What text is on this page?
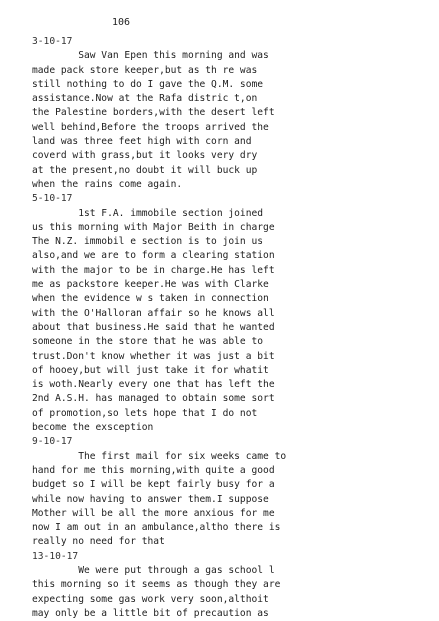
106
3-10-17
Saw Van Epen this morning and was
made pack store keeper,but as th re was
still nothing to do I gave the Q.M. some
assistance.Now at the Rafa distric t,on
the Palestine borders,with the desert left
well behind,Before the troops arrived the
land was three feet high with corn and
coverd with grass,but it looks very dry
at the present,no doubt it will buck up
when the rains come again.
5-10-17
1st F.A. immobile section joined
us this morning with Major Beith in charge
The N.Z. immobil e section is to join us
also,and we are to form a clearing station
with the major to be in charge.He has left
me as packstore keeper.He was with Clarke
when the evidence w s taken in connection
with the O'Halloran affair so he knows all
about that business.He said that he wanted
someone in the store that he was able to
trust.Don't know whether it was just a bit
of hooey,but will just take it for whatit
is woth.Nearly every one that has left the
2nd A.S.H. has managed to obtain some sort
of promotion,so lets hope that I do not
become the exsception
9-10-17
The first mail for six weeks came to
hand for me this morning,with quite a good
budget so I will be kept fairly busy for a
while now having to answer them.I suppose
Mother will be all the more anxious for me
now I am out in an ambulance,altho there is
really no need for that
13-10-17
We were put through a gas school l
this morning so it seems as though they are
expecting some gas work very soon,althoit
may only be a little bit of precaution as
